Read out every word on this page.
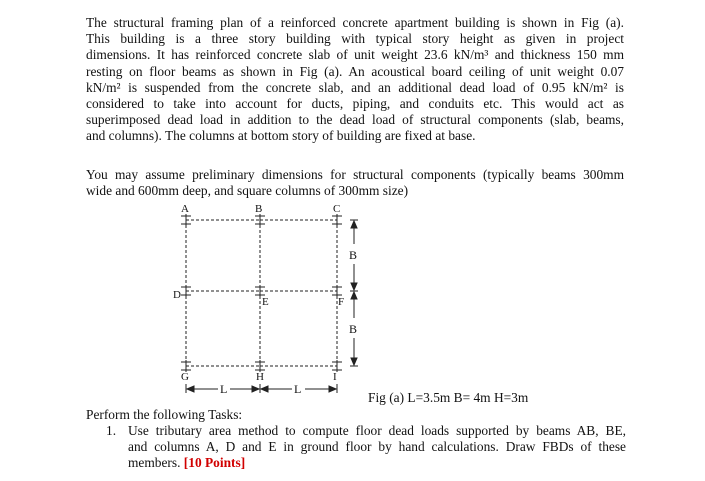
The structural framing plan of a reinforced concrete apartment building is shown in Fig (a).
This building is a three story building with typical story height as given in project
dimensions. It has reinforced concrete slab of unit weight 23.6 kN/m³ and thickness 150 mm
resting on floor beams as shown in Fig (a). An acoustical board ceiling of unit weight 0.07
kN/m² is suspended from the concrete slab, and an additional dead load of 0.95 kN/m² is
considered to take into account for ducts, piping, and conduits etc. This would act as
superimposed dead load in addition to the dead load of structural components (slab, beams,
and columns). The columns at bottom story of building are fixed at base.
You may assume preliminary dimensions for structural components (typically beams 300mm
wide and 600mm deep, and square columns of 300mm size)
A	B	C
D
E	F
G	H	I
B
B
L	L
Fig (a) L=3.5m B= 4m H=3m
Perform the following Tasks:
1. Use tributary area method to compute floor dead loads supported by beams AB, BE,
and columns A, D and E in ground floor by hand calculations. Draw FBDs of these
members. [10 Points]
